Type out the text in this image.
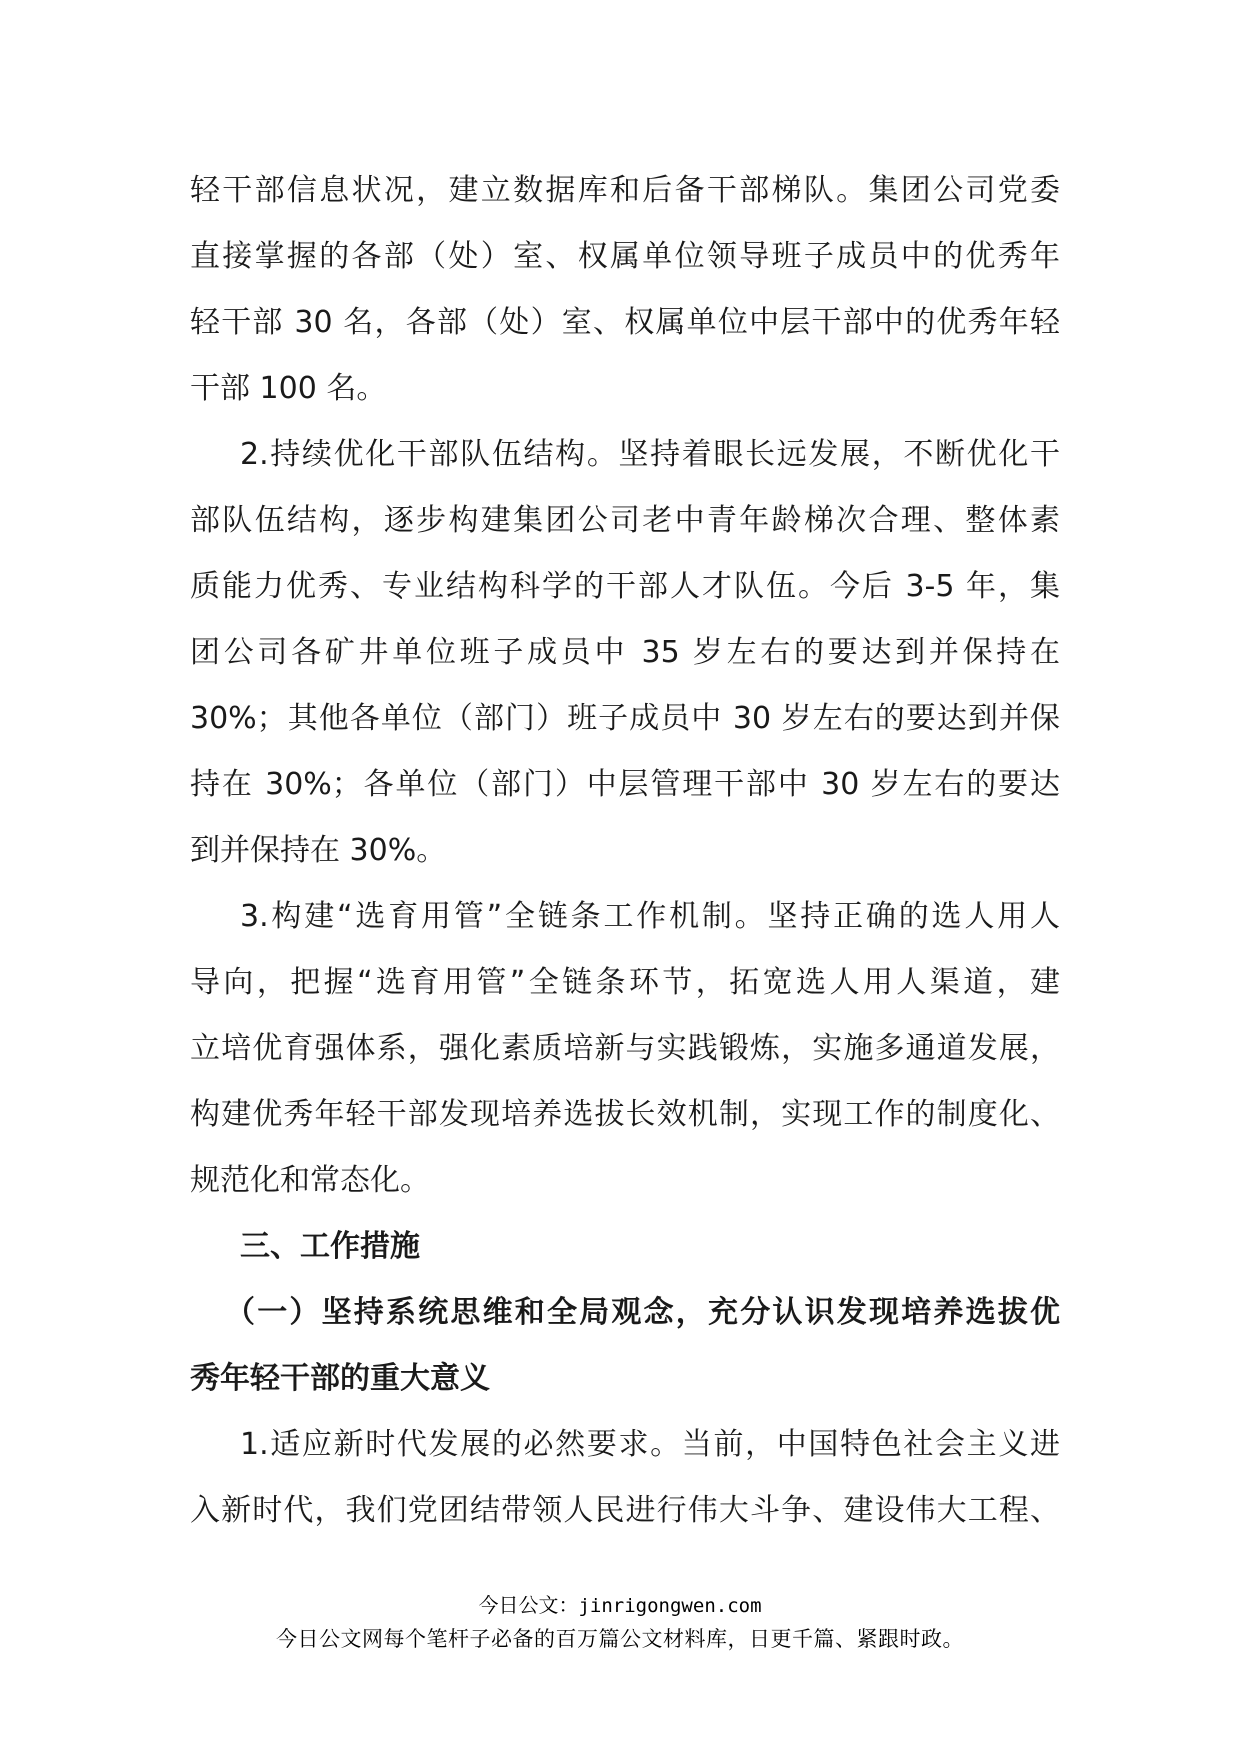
轻干部信息状况，建立数据库和后备干部梯队。集团公司党委
直接掌握的各部（处）室、权属单位领导班子成员中的优秀年
轻干部 30 名，各部（处）室、权属单位中层干部中的优秀年轻
干部 100 名。
2.持续优化干部队伍结构。坚持着眼长远发展，不断优化干
部队伍结构，逐步构建集团公司老中青年龄梯次合理、整体素
质能力优秀、专业结构科学的干部人才队伍。今后 3-5 年，集
团公司各矿井单位班子成员中 35 岁左右的要达到并保持在
30%；其他各单位（部门）班子成员中 30 岁左右的要达到并保
持在 30%；各单位（部门）中层管理干部中 30 岁左右的要达
到并保持在 30%。
3.构建“选育用管”全链条工作机制。坚持正确的选人用人
导向，把握“选育用管”全链条环节，拓宽选人用人渠道，建
立培优育强体系，强化素质培新与实践锻炼，实施多通道发展，
构建优秀年轻干部发现培养选拔长效机制，实现工作的制度化、
规范化和常态化。
三、工作措施
（一）坚持系统思维和全局观念，充分认识发现培养选拔优
秀年轻干部的重大意义
1.适应新时代发展的必然要求。当前，中国特色社会主义进
入新时代，我们党团结带领人民进行伟大斗争、建设伟大工程、
今日公文：jinrigongwen.com
今日公文网每个笔杆子必备的百万篇公文材料库，日更千篇、紧跟时政。
